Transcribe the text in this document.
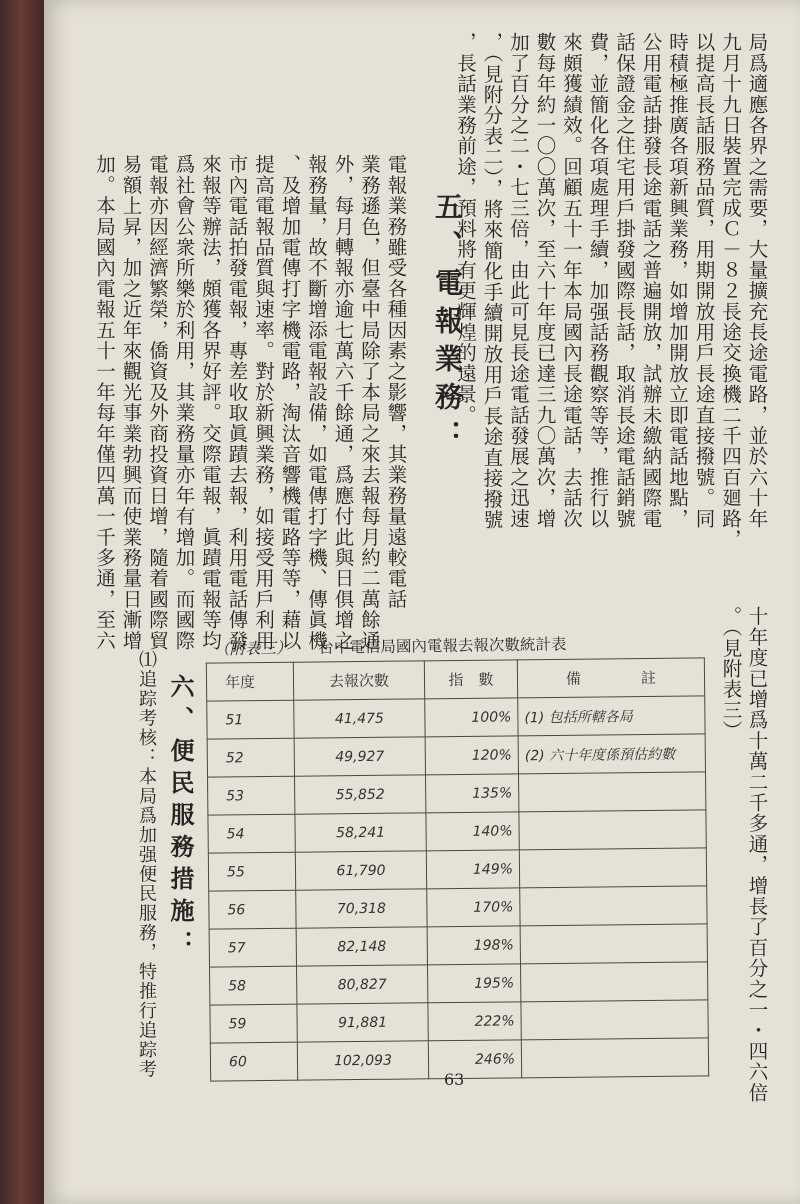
局爲適應各界之需要，大量擴充長途電路，並於六十年
九月十九日裝置完成Ｃ－８２長途交換機二千四百廻路，
以提高長話服務品質，用期開放用戶長途直接撥號。同
時積極推廣各項新興業務，如增加開放立即電話地點，
公用電話掛發長途電話之普遍開放，試辦未繳納國際電
話保證金之住宅用戶掛發國際長話，取消長途電話銷號
費，並簡化各項處理手續，加强話務觀察等等，推行以
來頗獲績效。回顧五十一年本局國內長途電話，去話次
數每年約一〇〇萬次，至六十年度已達三九〇萬次，增
加了百分之二・七三倍，由此可見長途電話發展之迅速
，（見附分表二），將來簡化手續開放用戶長途直接撥號
，長話業務前途，預料將有更輝煌的遠景。
五、電報業務：
電報業務雖受各種因素之影響，其業務量遠較電話
業務遜色，但臺中局除了本局之來去報每月約二萬餘通
外，每月轉報亦逾七萬六千餘通，爲應付此與日俱增之
報務量，故不斷增添電報設備，如電傳打字機、傳眞機
、及增加電傳打字機電路，淘汰音響機電路等等，藉以
提高電報品質與速率。對於新興業務，如接受用戶利用
市內電話拍發電報，專差收取眞蹟去報，利用電話傳發
來報等辦法，頗獲各界好評。交際電報，眞蹟電報等均
爲社會公衆所樂於利用，其業務量亦年有增加。而國際
電報亦因經濟繁榮，僑資及外商投資日增，隨着國際貿
易額上昇，加之近年來觀光事業勃興而使業務量日漸增
加。本局國內電報五十一年每年僅四萬一千多通，至六
十年度已增爲十萬二千多通，增長了百分之一・四六倍
。（見附表三）
六、便民服務措施：
⑴追踪考核：本局爲加强便民服務，特推行追踪考
（附表三） 台中電信局國內電報去報次數統計表
年度	去報次數	指　數	備　　　　註
51	41,475	100%	(1) 包括所轄各局
52	49,927	120%	(2) 六十年度係預估約數
53	55,852	135%	
54	58,241	140%	
55	61,790	149%	
56	70,318	170%	
57	82,148	198%	
58	80,827	195%	
59	91,881	222%	
60	102,093	246%	
63
